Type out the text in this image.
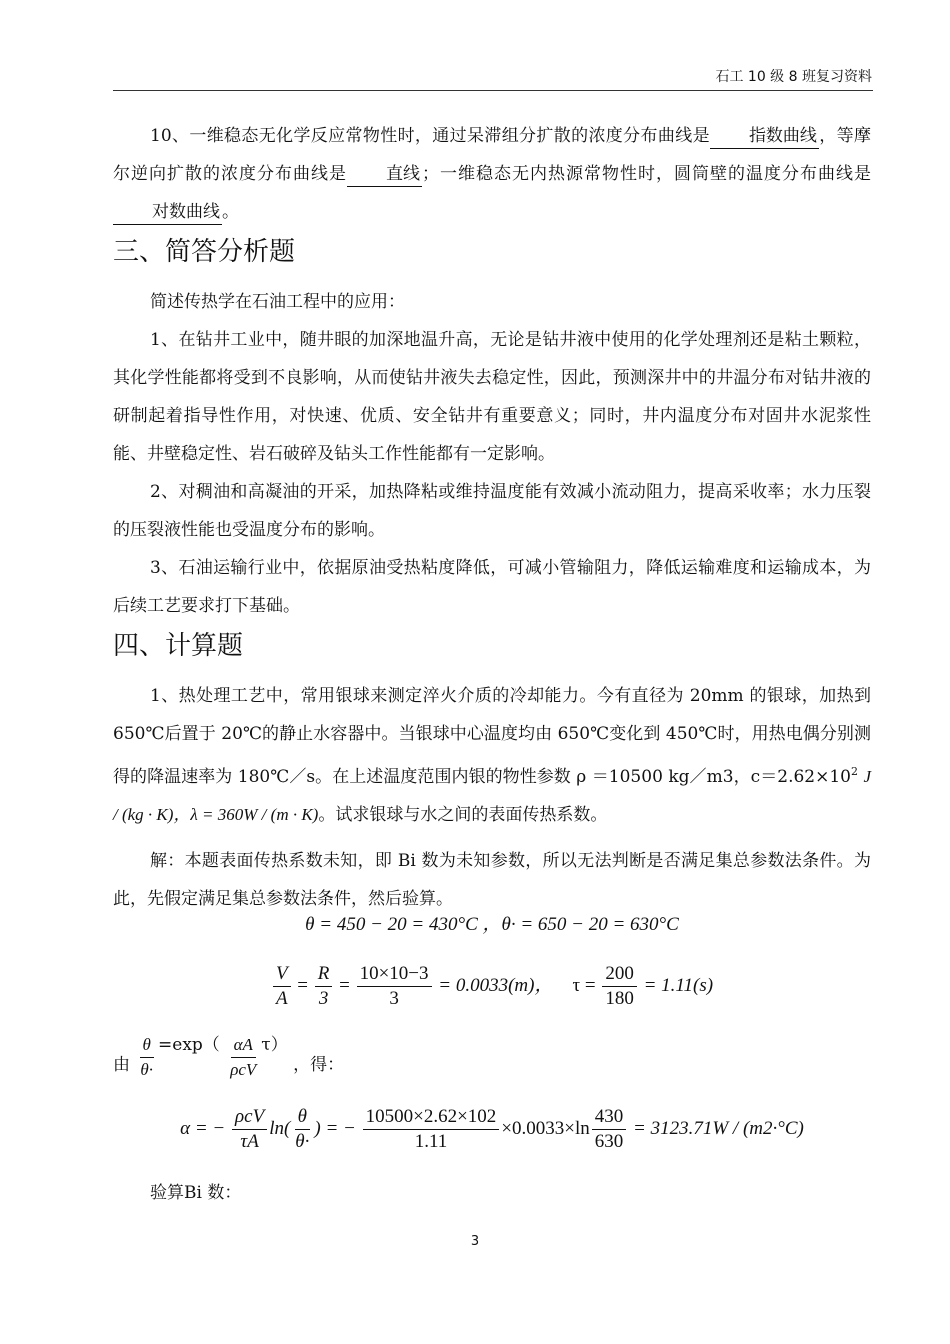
石工 10 级 8 班复习资料

10、一维稳态无化学反应常物性时，通过呆滞组分扩散的浓度分布曲线是 指数曲线 ，等摩尔逆向扩散的浓度分布曲线是 直线 ；一维稳态无内热源常物性时，圆筒壁的温度分布曲线是对数曲线 。

三、简答分析题

简述传热学在石油工程中的应用：

1、在钻井工业中，随井眼的加深地温升高，无论是钻井液中使用的化学处理剂还是粘土颗粒，其化学性能都将受到不良影响，从而使钻井液失去稳定性，因此，预测深井中的井温分布对钻井液的研制起着指导性作用，对快速、优质、安全钻井有重要意义；同时，井内温度分布对固井水泥浆性能、井壁稳定性、岩石破碎及钻头工作性能都有一定影响。

2、对稠油和高凝油的开采，加热降粘或维持温度能有效减小流动阻力，提高采收率；水力压裂的压裂液性能也受温度分布的影响。

3、石油运输行业中，依据原油受热粘度降低，可减小管输阻力，降低运输难度和运输成本，为后续工艺要求打下基础。

四、计算题

1、热处理工艺中，常用银球来测定淬火介质的冷却能力。今有直径为 20mm 的银球，加热到 650℃后置于 20℃的静止水容器中。当银球中心温度均由 650℃变化到 450℃时，用热电偶分别测得的降温速率为 180℃／s。在上述温度范围内银的物性参数 ρ ＝10500 kg／m3，$c=2.62\times 10^2$ J / (kg · K)，λ = 360W / (m · K)。试求银球与水之间的表面传热系数。

解：本题表面传热系数未知，即 Bi 数为未知参数，所以无法判断是否满足集总参数法条件。为此，先假定满足集总参数法条件，然后验算。

θ = 450 − 20 = 430°C ，θ· = 650 − 20 = 630°C
$\frac{V}{A} = \frac{R}{3} = \frac{10\times 10-3}{3} = 0.0033(m)$， $\tau = \frac{200}{180} = 1.11(s)$
由 $\frac{\theta}{\theta\cdot} =\exp( \frac{\alpha A}{\text{ρcV}} \tau)$ ，得：
α = − $\frac{\text{ρcV}}{\tau A} \ln( \frac{\theta}{\theta\cdot}$ ) = − $\frac{10500\times 2.62\times 102}{1.11} \times 0.0033\times\ln \frac{430}{630} = 3123.71W / (m2\cdot^\circ C)$

验算Bi 数：

3
